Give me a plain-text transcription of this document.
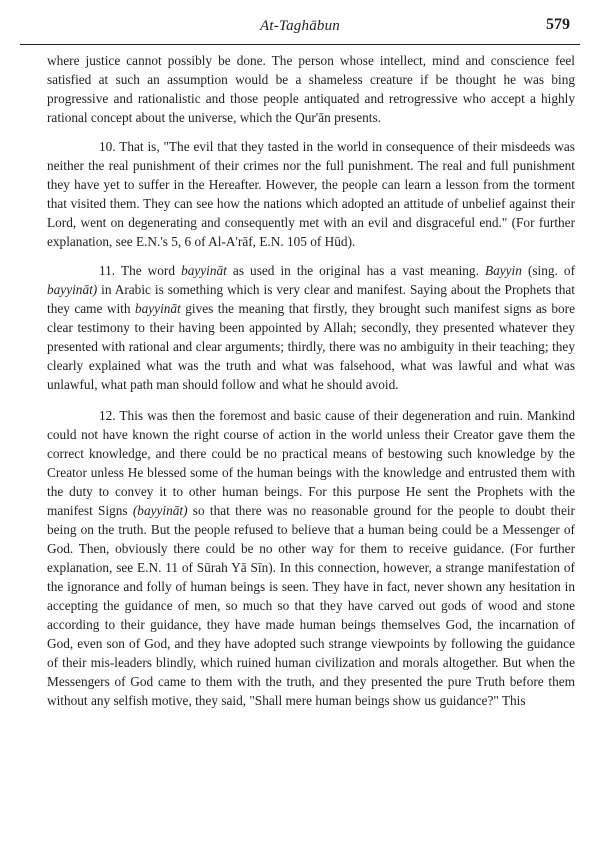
At-Taghābun	579

where justice cannot possibly be done. The person whose intellect, mind and conscience feel satisfied at such an assumption would be a shameless creature if be thought he was bing progressive and rationalistic and those people antiquated and retrogressive who accept a highly rational concept about the universe, which the Qur'ān presents.

10. That is, "The evil that they tasted in the world in consequence of their misdeeds was neither the real punishment of their crimes nor the full punishment. The real and full punishment they have yet to suffer in the Hereafter. However, the people can learn a lesson from the torment that visited them. They can see how the nations which adopted an attitude of unbelief against their Lord, went on degenerating and consequently met with an evil and disgraceful end." (For further explanation, see E.N.'s 5, 6 of Al-A'rāf, E.N. 105 of Hūd).

11. The word bayyināt as used in the original has a vast meaning. Bayyin (sing. of bayyināt) in Arabic is something which is very clear and manifest. Saying about the Prophets that they came with bayyināt gives the meaning that firstly, they brought such manifest signs as bore clear testimony to their having been appointed by Allah; secondly, they presented whatever they presented with rational and clear arguments; thirdly, there was no ambiguity in their teaching; they clearly explained what was the truth and what was falsehood, what was lawful and what was unlawful, what path man should follow and what he should avoid.

12. This was then the foremost and basic cause of their degeneration and ruin. Mankind could not have known the right course of action in the world unless their Creator gave them the correct knowledge, and there could be no practical means of bestowing such knowledge by the Creator unless He blessed some of the human beings with the knowledge and entrusted them with the duty to convey it to other human beings. For this purpose He sent the Prophets with the manifest Signs (bayyināt) so that there was no reasonable ground for the people to doubt their being on the truth. But the people refused to believe that a human being could be a Messenger of God. Then, obviously there could be no other way for them to receive guidance. (For further explanation, see E.N. 11 of Sūrah Yā Sīn). In this connection, however, a strange manifestation of the ignorance and folly of human beings is seen. They have in fact, never shown any hesitation in accepting the guidance of men, so much so that they have carved out gods of wood and stone according to their guidance, they have made human beings themselves God, the incarnation of God, even son of God, and they have adopted such strange viewpoints by following the guidance of their mis-leaders blindly, which ruined human civilization and morals altogether. But when the Messengers of God came to them with the truth, and they presented the pure Truth before them without any selfish motive, they said, "Shall mere human beings show us guidance?" This
